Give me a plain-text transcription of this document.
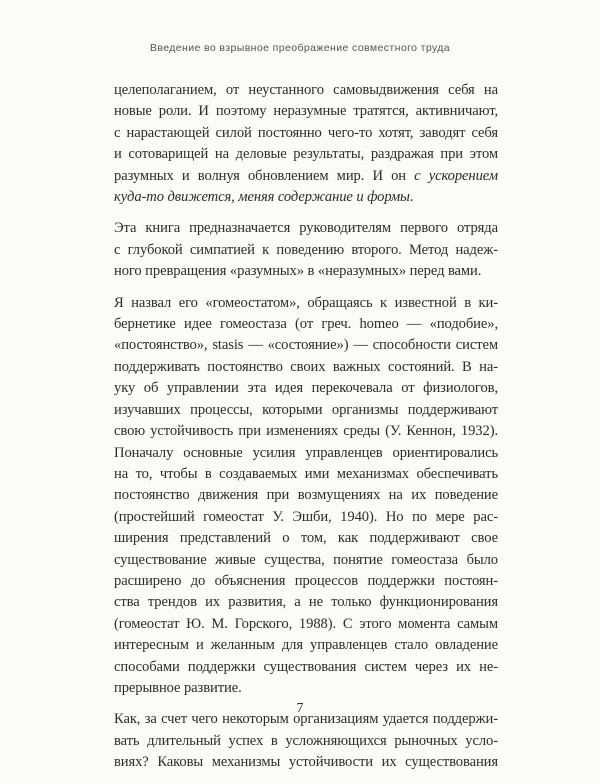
Введение во взрывное преображение совместного труда

целеполаганием, от неустанного самовыдвижения себя на
новые роли. И поэтому неразумные тратятся, активничают,
с нарастающей силой постоянно чего-то хотят, заводят себя
и сотоварищей на деловые результаты, раздражая при этом
разумных и волнуя обновлением мир. И он с ускорением
куда-то движется, меняя содержание и формы.

Эта книга предназначается руководителям первого отряда
с глубокой симпатией к поведению второго. Метод надеж-
ного превращения «разумных» в «неразумных» перед вами.

Я назвал его «гомеостатом», обращаясь к известной в ки-
бернетике идее гомеостаза (от греч. homeo — «подобие»,
«постоянство», stasis — «состояние») — способности систем
поддерживать постоянство своих важных состояний. В на-
уку об управлении эта идея перекочевала от физиологов,
изучавших процессы, которыми организмы поддерживают
свою устойчивость при изменениях среды (У. Кеннон, 1932).
Поначалу основные усилия управленцев ориентировались
на то, чтобы в создаваемых ими механизмах обеспечивать
постоянство движения при возмущениях на их поведение
(простейший гомеостат У. Эшби, 1940). Но по мере рас-
ширения представлений о том, как поддерживают свое
существование живые существа, понятие гомеостаза было
расширено до объяснения процессов поддержки постоян-
ства трендов их развития, а не только функционирования
(гомеостат Ю. М. Горского, 1988). С этого момента самым
интересным и желанным для управленцев стало овладение
способами поддержки существования систем через их не-
прерывное развитие.

Как, за счет чего некоторым организациям удается поддержи-
вать длительный успех в усложняющихся рыночных усло-
виях? Каковы механизмы устойчивости их существования

7
